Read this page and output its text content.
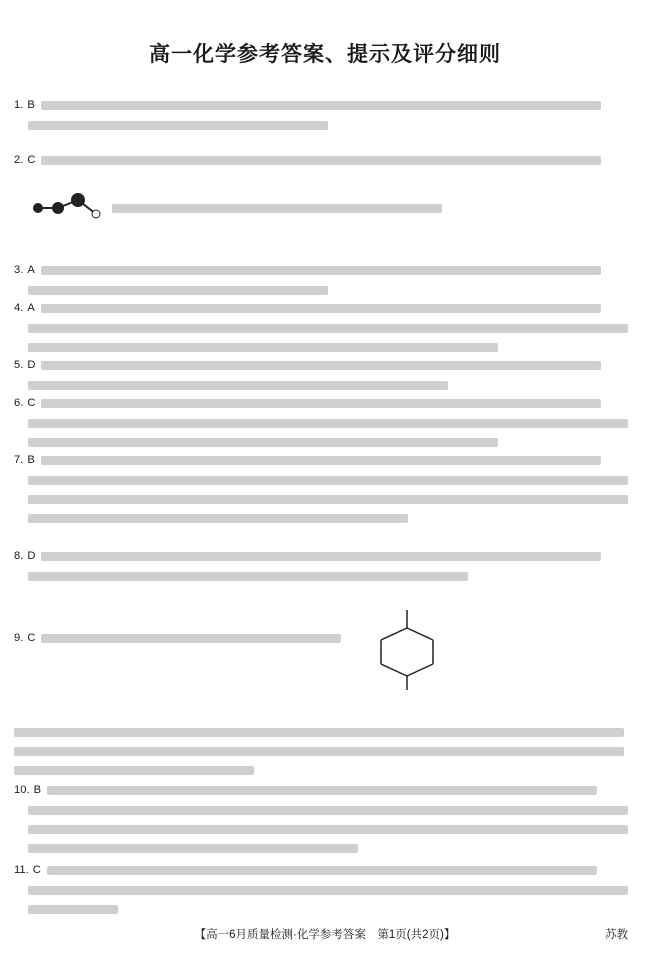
高一化学参考答案、提示及评分细则
1. B
2. C

3. A
4. A
5. D
6. C
7. B
8. D
9. C
10. B
11. C
【高一6月质量检测·化学参考答案　第1页(共2页)】	苏教
